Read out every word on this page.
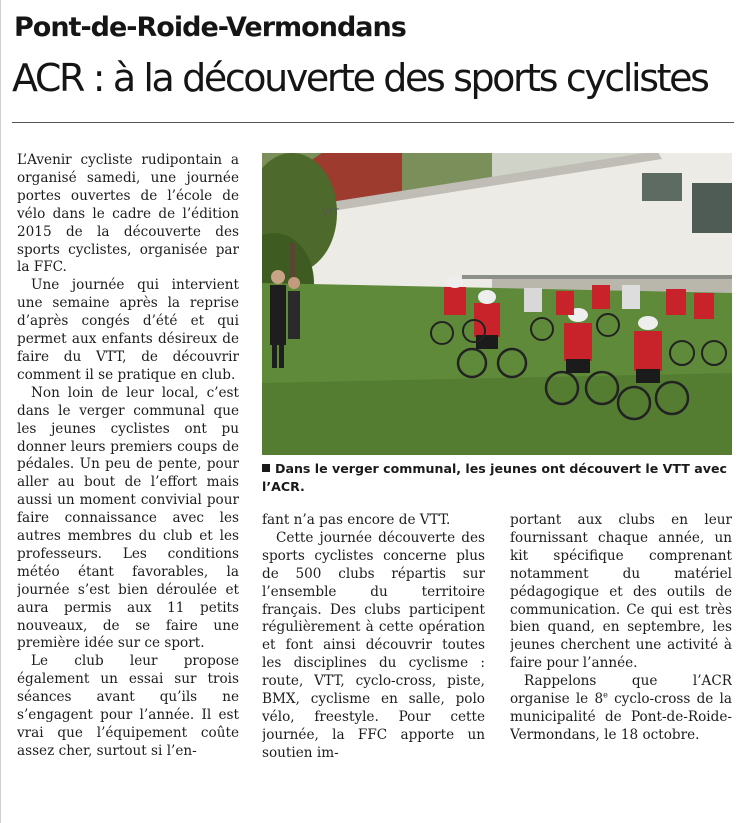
Pont-de-Roide-Vermondans
ACR : à la découverte des sports cyclistes

L’Avenir cycliste rudipontain a organisé samedi, une journée portes ouvertes de l’école de vélo dans le cadre de l’édition 2015 de la découverte des sports cyclistes, organisée par la FFC.

Une journée qui intervient une semaine après la reprise d’après congés d’été et qui permet aux enfants désireux de faire du VTT, de découvrir comment il se pratique en club.

Non loin de leur local, c’est dans le verger communal que les jeunes cyclistes ont pu donner leurs premiers coups de pédales. Un peu de pente, pour aller au bout de l’effort mais aussi un moment convivial pour faire connaissance avec les autres membres du club et les professeurs. Les conditions météo étant favorables, la journée s’est bien déroulée et aura permis aux 11 petits nouveaux, de se faire une première idée sur ce sport.

Le club leur propose également un essai sur trois séances avant qu’ils ne s’engagent pour l’année. Il est vrai que l’équipement coûte assez cher, surtout si l’en-

VTT
Dans le verger communal, les jeunes ont découvert le VTT avec l’ACR.

fant n’a pas encore de VTT.

Cette journée découverte des sports cyclistes concerne plus de 500 clubs répartis sur l’ensemble du territoire français. Des clubs participent régulièrement à cette opération et font ainsi découvrir toutes les disciplines du cyclisme : route, VTT, cyclo-cross, piste, BMX, cyclisme en salle, polo vélo, freestyle. Pour cette journée, la FFC apporte un soutien im-

portant aux clubs en leur fournissant chaque année, un kit spécifique comprenant notamment du matériel pédagogique et des outils de communication. Ce qui est très bien quand, en septembre, les jeunes cherchent une activité à faire pour l’année.

Rappelons que l’ACR organise le 8e cyclo-cross de la municipalité de Pont-de-Roide-Vermondans, le 18 octobre.
